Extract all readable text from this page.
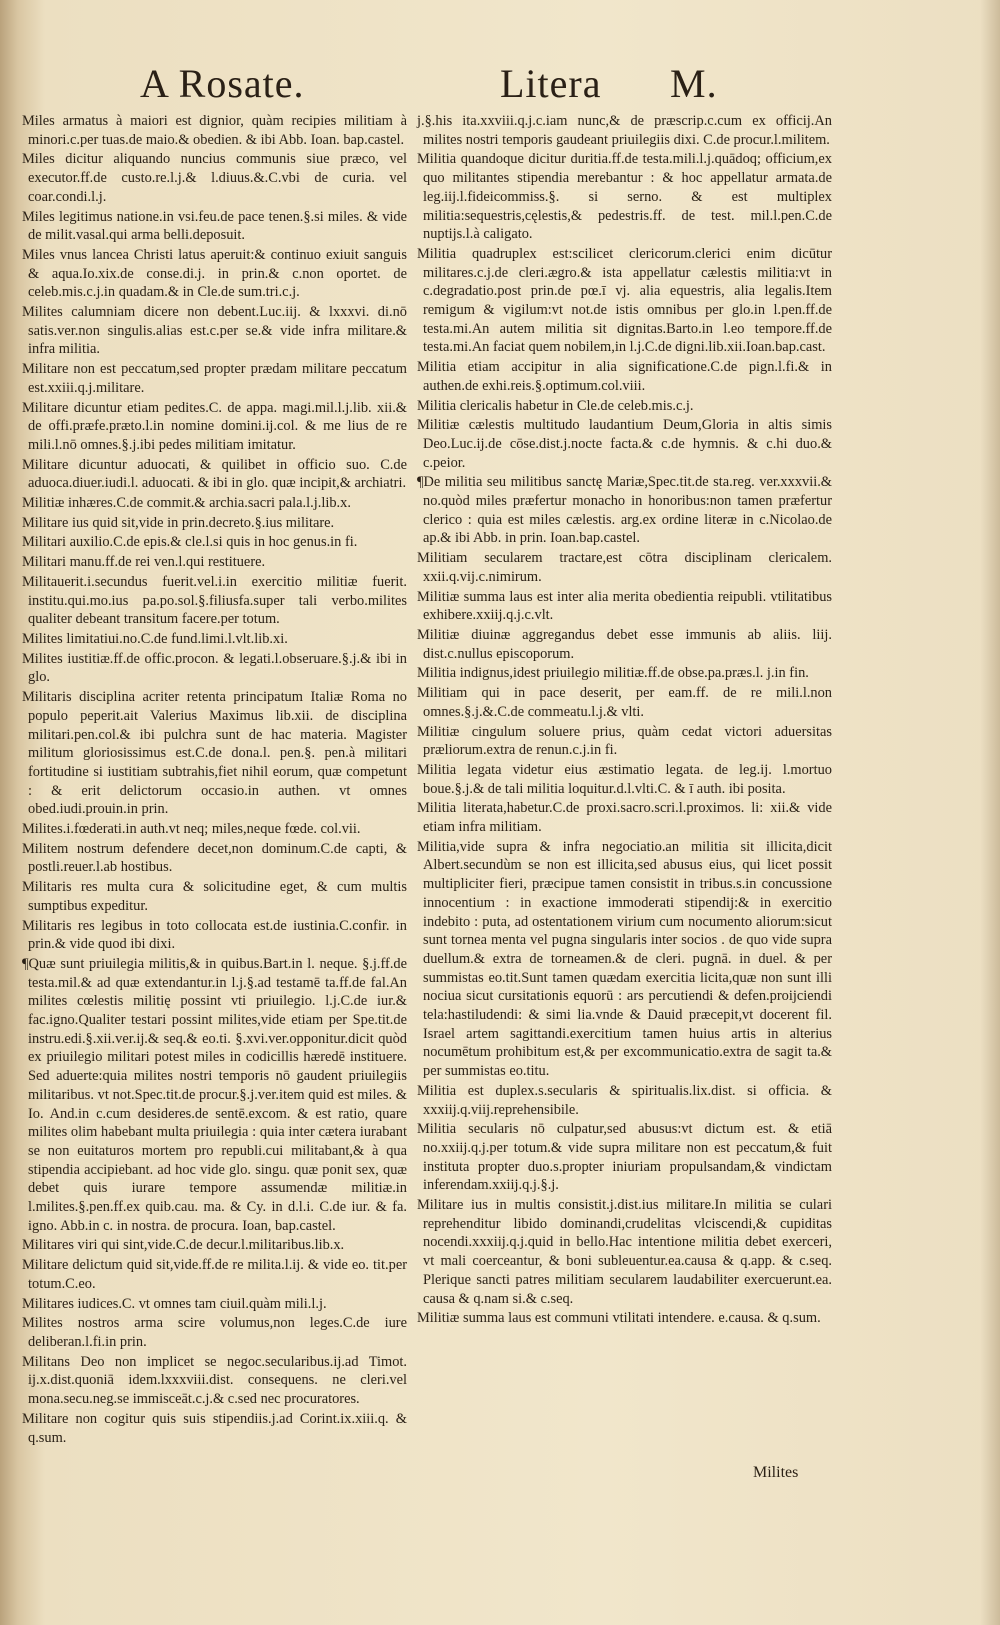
A Rosate.	Litera M.

Miles armatus à maiori est dignior, quàm recipies militiam à minori.c.per tuas.de maio.& obedien. & ibi Abb. Ioan. bap.castel.

Miles dicitur aliquando nuncius communis siue præco, vel executor.ff.de custo.re.l.j.& l.diuus.&.C.vbi de curia. vel coar.condi.l.j.

Miles legitimus natione.in vsi.feu.de pace tenen.§.si miles. & vide de milit.vasal.qui arma belli.deposuit.

Miles vnus lancea Christi latus aperuit:& continuo exiuit sanguis & aqua.Io.xix.de conse.di.j. in prin.& c.non oportet. de celeb.mis.c.j.in quadam.& in Cle.de sum.tri.c.j.

Milites calumniam dicere non debent.Luc.iij. & lxxxvi. di.nō satis.ver.non singulis.alias est.c.per se.& vide infra militare.& infra militia.

Militare non est peccatum,sed propter prædam militare peccatum est.xxiii.q.j.militare.

Militare dicuntur etiam pedites.C. de appa. magi.mil.l.j.lib. xii.& de offi.præfe.præto.l.in nomine domini.ij.col. & me lius de re mili.l.nō omnes.§.j.ibi pedes militiam imitatur.

Militare dicuntur aduocati, & quilibet in officio suo. C.de aduoca.diuer.iudi.l. aduocati. & ibi in glo. quæ incipit,& archiatri.

Militiæ inhæres.C.de commit.& archia.sacri pala.l.j.lib.x.

Militare ius quid sit,vide in prin.decreto.§.ius militare.

Militari auxilio.C.de epis.& cle.l.si quis in hoc genus.in fi.

Militari manu.ff.de rei ven.l.qui restituere.

Militauerit.i.secundus fuerit.vel.i.in exercitio militiæ fuerit. institu.qui.mo.ius pa.po.sol.§.filiusfa.super tali verbo.milites qualiter debeant transitum facere.per totum.

Milites limitatiui.no.C.de fund.limi.l.vlt.lib.xi.

Milites iustitiæ.ff.de offic.procon. & legati.l.obseruare.§.j.& ibi in glo.

Militaris disciplina acriter retenta principatum Italiæ Roma no populo peperit.ait Valerius Maximus lib.xii. de disciplina militari.pen.col.& ibi pulchra sunt de hac materia. Magister militum gloriosissimus est.C.de dona.l. pen.§. pen.à militari fortitudine si iustitiam subtrahis,fiet nihil eorum, quæ competunt : & erit delictorum occasio.in authen. vt omnes obed.iudi.prouin.in prin.

Milites.i.fœderati.in auth.vt neq; miles,neque fœde. col.vii.

Militem nostrum defendere decet,non dominum.C.de capti, & postli.reuer.l.ab hostibus.

Militaris res multa cura & solicitudine eget, & cum multis sumptibus expeditur.

Militaris res legibus in toto collocata est.de iustinia.C.confir. in prin.& vide quod ibi dixi.

¶Quæ sunt priuilegia militis,& in quibus.Bart.in l. neque. §.j.ff.de testa.mil.& ad quæ extendantur.in l.j.§.ad testamē ta.ff.de fal.An milites cœlestis militię possint vti priuilegio. l.j.C.de iur.& fac.igno.Qualiter testari possint milites,vide etiam per Spe.tit.de instru.edi.§.xii.ver.ij.& seq.& eo.ti. §.xvi.ver.opponitur.dicit quòd ex priuilegio militari potest miles in codicillis hæredē instituere. Sed aduerte:quia milites nostri temporis nō gaudent priuilegiis militaribus. vt not.Spec.tit.de procur.§.j.ver.item quid est miles. & Io. And.in c.cum desideres.de sentē.excom. & est ratio, quare milites olim habebant multa priuilegia : quia inter cætera iurabant se non euitaturos mortem pro republi.cui militabant,& à qua stipendia accipiebant. ad hoc vide glo. singu. quæ ponit sex, quæ debet quis iurare tempore assumendæ militiæ.in l.milites.§.pen.ff.ex quib.cau. ma. & Cy. in d.l.i. C.de iur. & fa. igno. Abb.in c. in nostra. de procura. Ioan, bap.castel.

Militares viri qui sint,vide.C.de decur.l.militaribus.lib.x.

Militare delictum quid sit,vide.ff.de re milita.l.ij. & vide eo. tit.per totum.C.eo.

Militares iudices.C. vt omnes tam ciuil.quàm mili.l.j.

Milites nostros arma scire volumus,non leges.C.de iure deliberan.l.fi.in prin.

Militans Deo non implicet se negoc.secularibus.ij.ad Timot. ij.x.dist.quoniā idem.lxxxviii.dist. consequens. ne cleri.vel mona.secu.neg.se immisceāt.c.j.& c.sed nec procuratores.

Militare non cogitur quis suis stipendiis.j.ad Corint.ix.xiii.q. & q.sum.

j.§.his ita.xxviii.q.j.c.iam nunc,& de præscrip.c.cum ex officij.An milites nostri temporis gaudeant priuilegiis dixi. C.de procur.l.militem.

Militia quandoque dicitur duritia.ff.de testa.mili.l.j.quādoq; officium,ex quo militantes stipendia merebantur : & hoc appellatur armata.de leg.iij.l.fideicommiss.§. si serno. & est multiplex militia:sequestris,cęlestis,& pedestris.ff. de test. mil.l.pen.C.de nuptijs.l.à caligato.

Militia quadruplex est:scilicet clericorum.clerici enim dicūtur militares.c.j.de cleri.ægro.& ista appellatur cælestis militia:vt in c.degradatio.post prin.de pœ.ī vj. alia equestris, alia legalis.Item remigum & vigilum:vt not.de istis omnibus per glo.in l.pen.ff.de testa.mi.An autem militia sit dignitas.Barto.in l.eo tempore.ff.de testa.mi.An faciat quem nobilem,in l.j.C.de digni.lib.xii.Ioan.bap.cast.

Militia etiam accipitur in alia significatione.C.de pign.l.fi.& in authen.de exhi.reis.§.optimum.col.viii.

Militia clericalis habetur in Cle.de celeb.mis.c.j.

Militiæ cælestis multitudo laudantium Deum,Gloria in altis simis Deo.Luc.ij.de cōse.dist.j.nocte facta.& c.de hymnis. & c.hi duo.& c.peior.

¶De militia seu militibus sanctę Mariæ,Spec.tit.de sta.reg. ver.xxxvii.& no.quòd miles præfertur monacho in honoribus:non tamen præfertur clerico : quia est miles cælestis. arg.ex ordine literæ in c.Nicolao.de ap.& ibi Abb. in prin. Ioan.bap.castel.

Militiam secularem tractare,est cōtra disciplinam clericalem. xxii.q.vij.c.nimirum.

Militiæ summa laus est inter alia merita obedientia reipubli. vtilitatibus exhibere.xxiij.q.j.c.vlt.

Militiæ diuinæ aggregandus debet esse immunis ab aliis. liij. dist.c.nullus episcoporum.

Militia indignus,idest priuilegio militiæ.ff.de obse.pa.præs.l. j.in fin.

Militiam qui in pace deserit, per eam.ff. de re mili.l.non omnes.§.j.&.C.de commeatu.l.j.& vlti.

Militiæ cingulum soluere prius, quàm cedat victori aduersitas præliorum.extra de renun.c.j.in fi.

Militia legata videtur eius æstimatio legata. de leg.ij. l.mortuo boue.§.j.& de tali militia loquitur.d.l.vlti.C. & ī auth. ibi posita.

Militia literata,habetur.C.de proxi.sacro.scri.l.proximos. li: xii.& vide etiam infra militiam.

Militia,vide supra & infra negociatio.an militia sit illicita,dicit Albert.secundùm se non est illicita,sed abusus eius, qui licet possit multipliciter fieri, præcipue tamen consistit in tribus.s.in concussione innocentium : in exactione immoderati stipendij:& in exercitio indebito : puta, ad ostentationem virium cum nocumento aliorum:sicut sunt tornea menta vel pugna singularis inter socios . de quo vide supra duellum.& extra de torneamen.& de cleri. pugnā. in duel. & per summistas eo.tit.Sunt tamen quædam exercitia licita,quæ non sunt illi nociua sicut cursitationis equorū : ars percutiendi & defen.proijciendi tela:hastiludendi: & simi lia.vnde & Dauid præcepit,vt docerent fil. Israel artem sagittandi.exercitium tamen huius artis in alterius nocumētum prohibitum est,& per excommunicatio.extra de sagit ta.& per summistas eo.titu.

Militia est duplex.s.secularis & spiritualis.lix.dist. si officia. & xxxiij.q.viij.reprehensibile.

Militia secularis nō culpatur,sed abusus:vt dictum est. & etiā no.xxiij.q.j.per totum.& vide supra militare non est peccatum,& fuit instituta propter duo.s.propter iniuriam propulsandam,& vindictam inferendam.xxiij.q.j.§.j.

Militare ius in multis consistit.j.dist.ius militare.In militia se culari reprehenditur libido dominandi,crudelitas vlciscendi,& cupiditas nocendi.xxxiij.q.j.quid in bello.Hac intentione militia debet exerceri, vt mali coerceantur, & boni subleuentur.ea.causa & q.app. & c.seq. Plerique sancti patres militiam secularem laudabiliter exercuerunt.ea. causa & q.nam si.& c.seq.

Militiæ summa laus est communi vtilitati intendere. e.causa. & q.sum.

Milites
